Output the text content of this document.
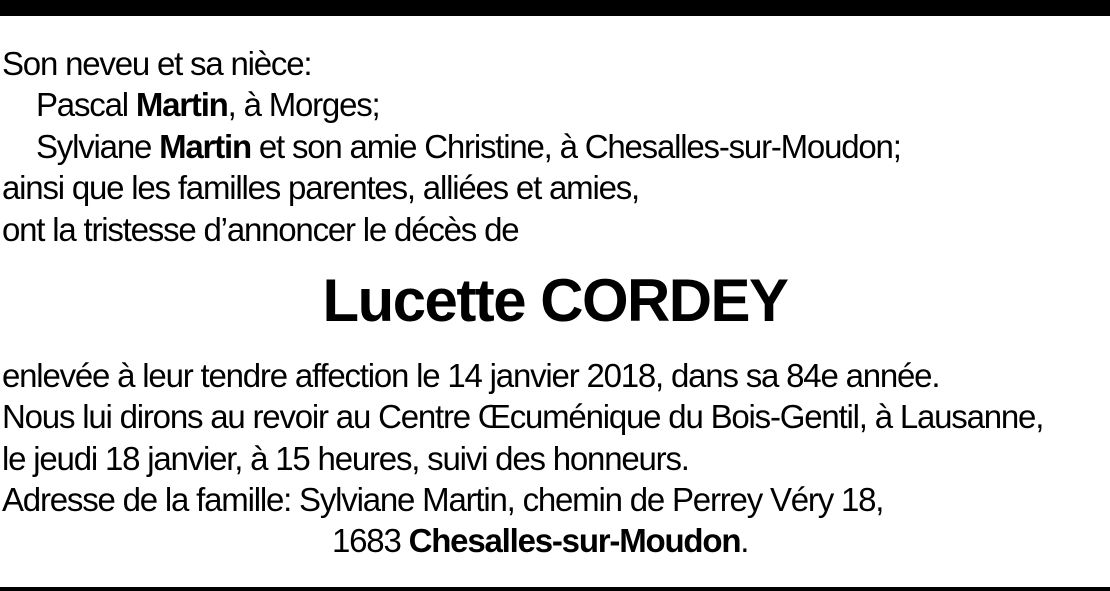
Son neveu et sa nièce:
Pascal Martin, à Morges;
Sylviane Martin et son amie Christine, à Chesalles-sur-Moudon;
ainsi que les familles parentes, alliées et amies,
ont la tristesse d’annoncer le décès de
Lucette CORDEY
enlevée à leur tendre affection le 14 janvier 2018, dans sa 84e année.
Nous lui dirons au revoir au Centre Œcuménique du Bois-Gentil, à Lausanne,
le jeudi 18 janvier, à 15 heures, suivi des honneurs.
Adresse de la famille: Sylviane Martin, chemin de Perrey Véry 18,
1683 Chesalles-sur-Moudon.
